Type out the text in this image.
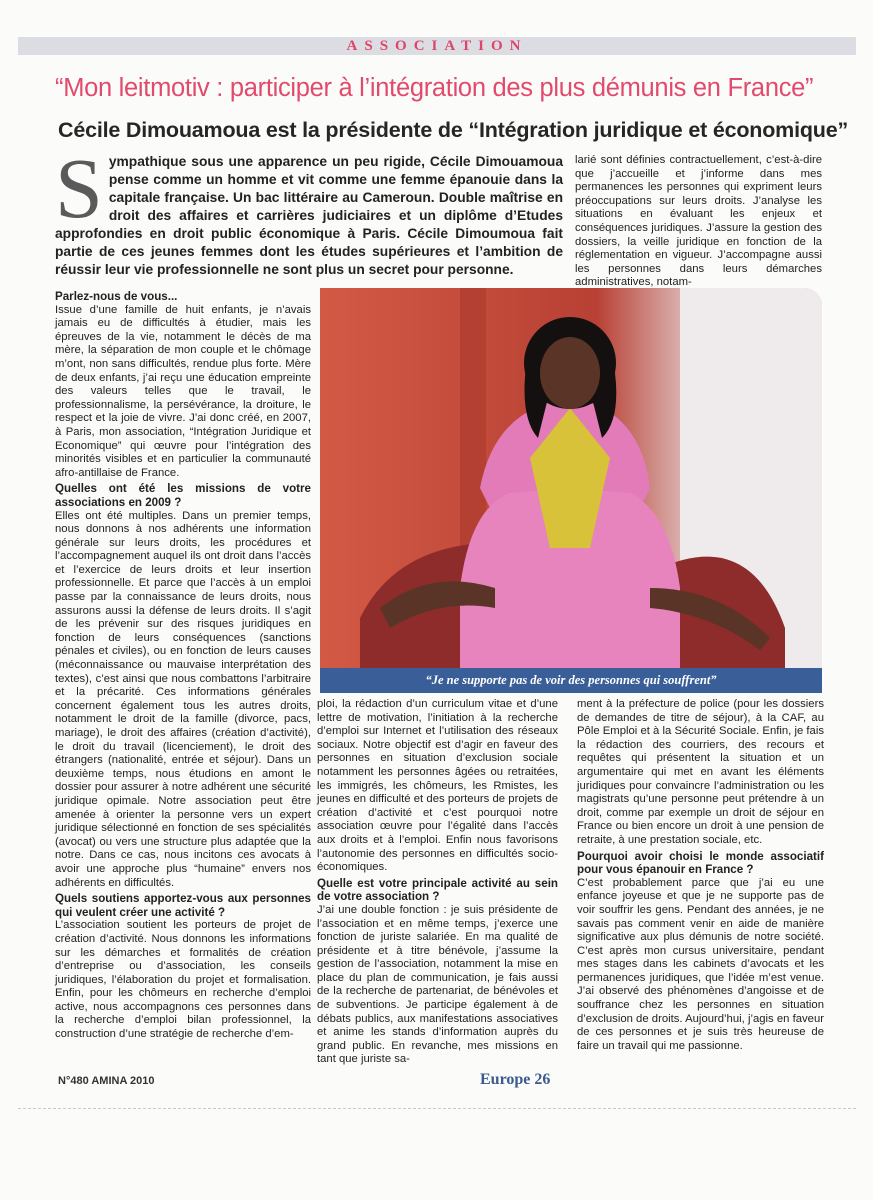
ASSOCIATION
“Mon leitmotiv : participer à l’intégration des plus démunis en France”
Cécile Dimouamoua est la présidente de “Intégration juridique et économique”
Sympathique sous une apparence un peu rigide, Cécile Dimouamoua pense comme un homme et vit comme une femme épanouie dans la capitale française. Un bac littéraire au Cameroun. Double maîtrise en droit des affaires et carrières judiciaires et un diplôme d’Etudes approfondies en droit public économique à Paris. Cécile Dimoumoua fait partie de ces jeunes femmes dont les études supérieures et l’ambition de réussir leur vie professionnelle ne sont plus un secret pour personne.

larié sont définies contractuellement, c’est-à-dire que j’accueille et j’informe dans mes permanences les personnes qui expriment leurs préoccupations sur leurs droits. J’analyse les situations en évaluant les enjeux et conséquences juridiques. J’assure la gestion des dossiers, la veille juridique en fonction de la réglementation en vigueur. J’accompagne aussi les personnes dans leurs démarches administratives, notam-

Parlez-nous de vous...

Issue d’une famille de huit enfants, je n’avais jamais eu de difficultés à étudier, mais les épreuves de la vie, notamment le décès de ma mère, la séparation de mon couple et le chômage m’ont, non sans difficultés, rendue plus forte. Mère de deux enfants, j’ai reçu une éducation empreinte des valeurs telles que le travail, le professionnalisme, la persévérance, la droiture, le respect et la joie de vivre. J’ai donc créé, en 2007, à Paris, mon association, “Intégration Juridique et Economique” qui œuvre pour l’intégration des minorités visibles et en particulier la communauté afro-antillaise de France.

Quelles ont été les missions de votre associations en 2009 ?

Elles ont été multiples. Dans un premier temps, nous donnons à nos adhérents une information générale sur leurs droits, les procédures et l’accompagnement auquel ils ont droit dans l’accès et l’exercice de leurs droits et leur insertion professionnelle. Et parce que l’accès à un emploi passe par la connaissance de leurs droits, nous assurons aussi la défense de leurs droits. Il s’agit de les prévenir sur des risques juridiques en fonction de leurs conséquences (sanctions pénales et civiles), ou en fonction de leurs causes (méconnaissance ou mauvaise interprétation des textes), c’est ainsi que nous combattons l’arbitraire et la précarité. Ces informations générales concernent également tous les autres droits, notamment le droit de la famille (divorce, pacs, mariage), le droit des affaires (création d’activité), le droit du travail (licenciement), le droit des étrangers (nationalité, entrée et séjour). Dans un deuxième temps, nous étudions en amont le dossier pour assurer à notre adhérent une sécurité juridique opimale. Notre association peut être amenée à orienter la personne vers un expert juridique sélectionné en fonction de ses spécialités (avocat) ou vers une structure plus adaptée que la notre. Dans ce cas, nous incitons ces avocats à avoir une approche plus “humaine” envers nos adhérents en difficultés.

Quels soutiens apportez-vous aux personnes qui veulent créer une activité ?

L’association soutient les porteurs de projet de création d’activité. Nous donnons les informations sur les démarches et formalités de création d’entreprise ou d’association, les conseils juridiques, l’élaboration du projet et formalisation. Enfin, pour les chômeurs en recherche d’emploi active, nous accompagnons ces personnes dans la recherche d’emploi bilan professionnel, la construction d’une stratégie de recherche d’em-

“Je ne supporte pas de voir des personnes qui souffrent”

ploi, la rédaction d’un curriculum vitae et d’une lettre de motivation, l’initiation à la recherche d’emploi sur Internet et l’utilisation des réseaux sociaux. Notre objectif est d’agir en faveur des personnes en situation d’exclusion sociale notamment les personnes âgées ou retraitées, les immigrés, les chômeurs, les Rmistes, les jeunes en difficulté et des porteurs de projets de création d’activité et c’est pourquoi notre association œuvre pour l’égalité dans l’accès aux droits et à l’emploi. Enfin nous favorisons l’autonomie des personnes en difficultés socio-économiques.

Quelle est votre principale activité au sein de votre association ?

J’ai une double fonction : je suis présidente de l’association et en même temps, j’exerce une fonction de juriste salariée. En ma qualité de présidente et à titre bénévole, j’assume la gestion de l’association, notamment la mise en place du plan de communication, je fais aussi de la recherche de partenariat, de bénévoles et de subventions. Je participe également à de débats publics, aux manifestations associatives et anime les stands d’information auprès du grand public. En revanche, mes missions en tant que juriste sa-

ment à la préfecture de police (pour les dossiers de demandes de titre de séjour), à la CAF, au Pôle Emploi et à la Sécurité Sociale. Enfin, je fais la rédaction des courriers, des recours et requêtes qui présentent la situation et un argumentaire qui met en avant les éléments juridiques pour convaincre l’administration ou les magistrats qu’une personne peut prétendre à un droit, comme par exemple un droit de séjour en France ou bien encore un droit à une pension de retraite, à une prestation sociale, etc.

Pourquoi avoir choisi le monde associatif pour vous épanouir en France ?

C’est probablement parce que j’ai eu une enfance joyeuse et que je ne supporte pas de voir souffrir les gens. Pendant des années, je ne savais pas comment venir en aide de manière significative aux plus démunis de notre société. C’est après mon cursus universitaire, pendant mes stages dans les cabinets d’avocats et les permanences juridiques, que l’idée m’est venue. J’ai observé des phénomènes d’angoisse et de souffrance chez les personnes en situation d’exclusion de droits. Aujourd’hui, j’agis en faveur de ces personnes et je suis très heureuse de faire un travail qui me passionne.

N°480 AMINA 2010	Europe 26
